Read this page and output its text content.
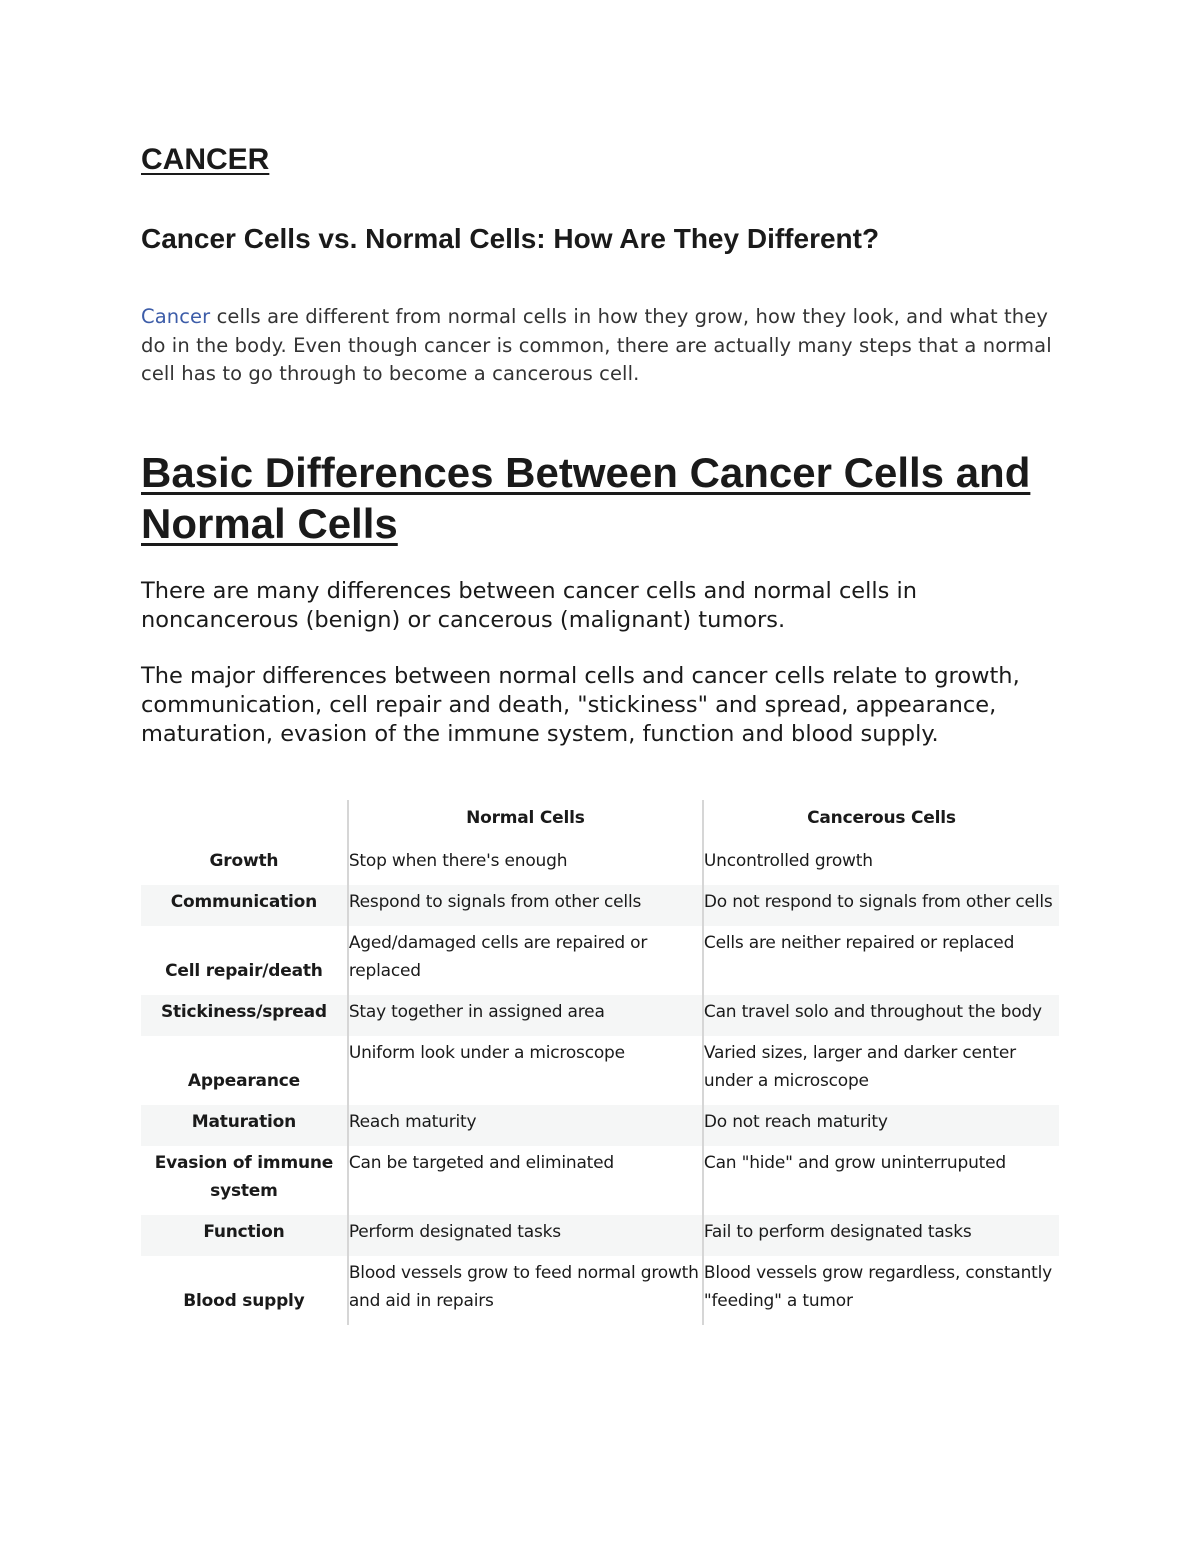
CANCER
Cancer Cells vs. Normal Cells: How Are They Different?

Cancer cells are different from normal cells in how they grow, how they look, and what they do in the body. Even though cancer is common, there are actually many steps that a normal cell has to go through to become a cancerous cell.

Basic Differences Between Cancer Cells and Normal Cells

There are many differences between cancer cells and normal cells in noncancerous (benign) or cancerous (malignant) tumors.

The major differences between normal cells and cancer cells relate to growth, communication, cell repair and death, "stickiness" and spread, appearance, maturation, evasion of the immune system, function and blood supply.

	Normal Cells	Cancerous Cells
Growth	Stop when there's enough	Uncontrolled growth
Communication	Respond to signals from other cells	Do not respond to signals from other cells
Cell repair/death	Aged/damaged cells are repaired or replaced	Cells are neither repaired or replaced
Stickiness/spread	Stay together in assigned area	Can travel solo and throughout the body
Appearance	Uniform look under a microscope	Varied sizes, larger and darker center under a microscope
Maturation	Reach maturity	Do not reach maturity
Evasion of immune system	Can be targeted and eliminated	Can "hide" and grow uninterruputed
Function	Perform designated tasks	Fail to perform designated tasks
Blood supply	Blood vessels grow to feed normal growth and aid in repairs	Blood vessels grow regardless, constantly "feeding" a tumor
